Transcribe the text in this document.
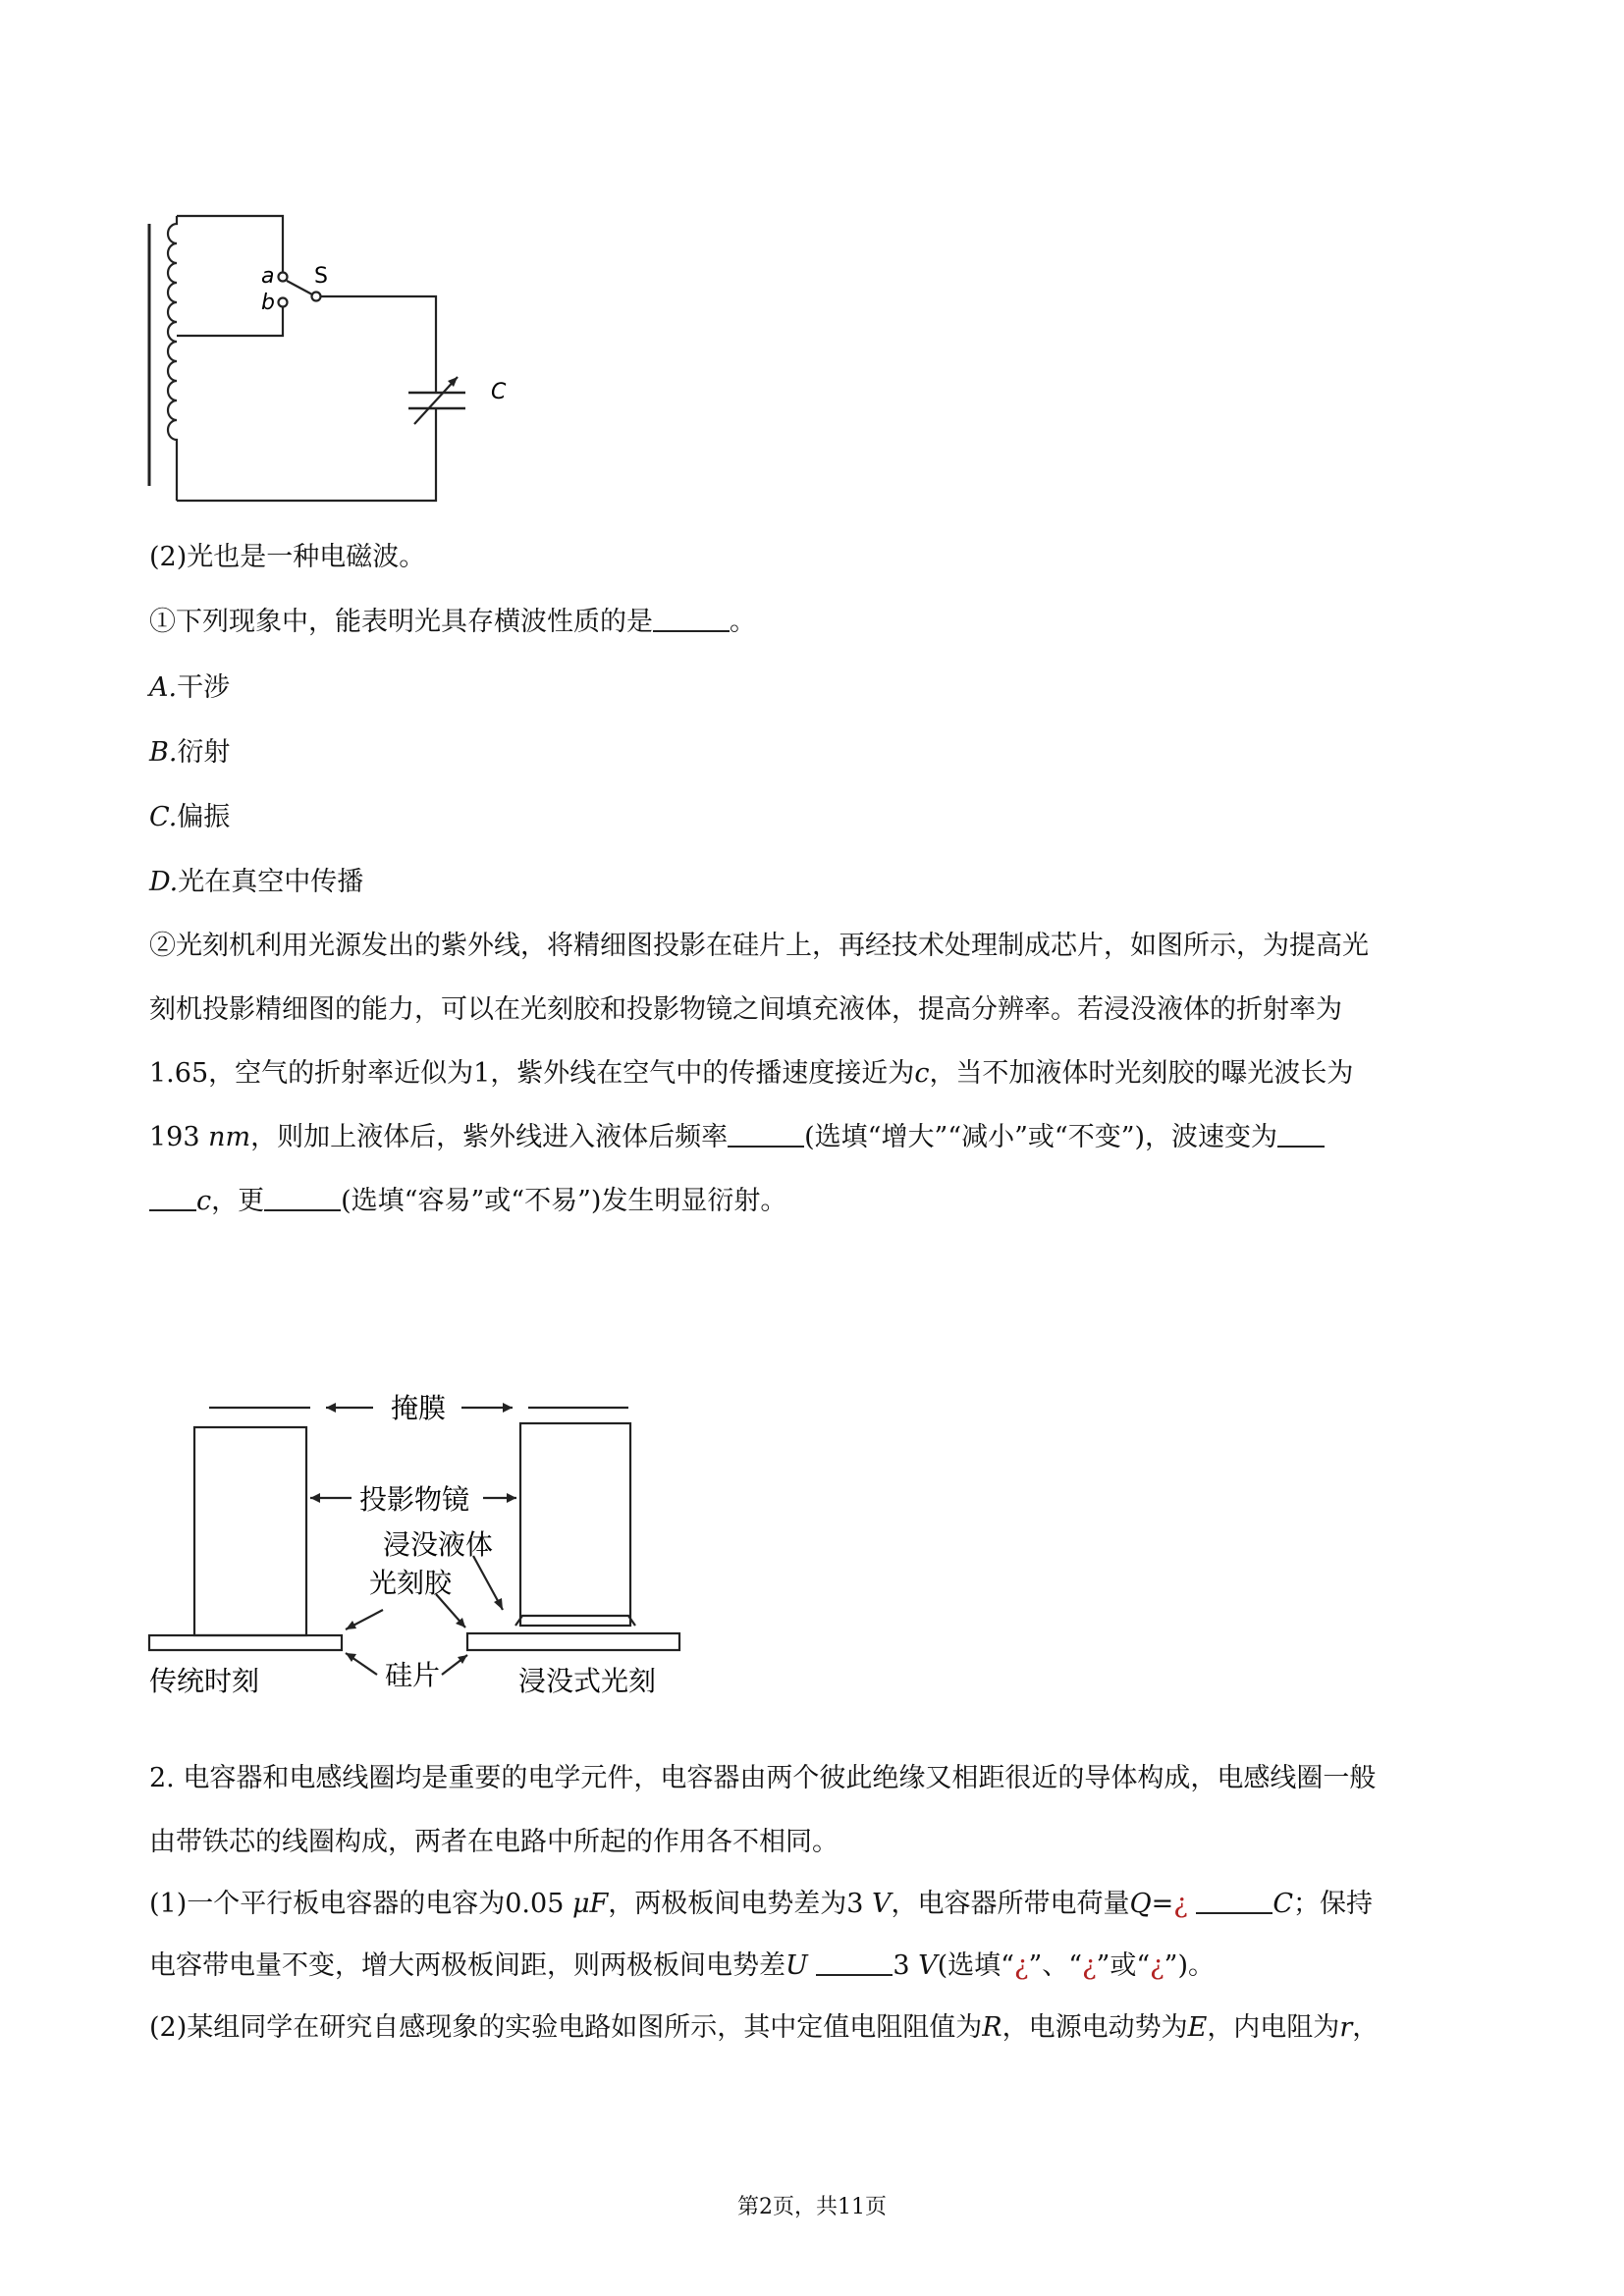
a
b
S
C
(2)光也是一种电磁波。
①下列现象中，能表明光具存横波性质的是	。
A.干涉
B.衍射
C.偏振
D.光在真空中传播
②光刻机利用光源发出的紫外线，将精细图投影在硅片上，再经技术处理制成芯片，如图所示，为提高光
刻机投影精细图的能力，可以在光刻胶和投影物镜之间填充液体，提高分辨率。若浸没液体的折射率为
1.65，空气的折射率近似为1，紫外线在空气中的传播速度接近为c，当不加液体时光刻胶的曝光波长为
193 nm，则加上液体后，紫外线进入液体后频率	(选填“增大”“减小”或“不变”)，波速变为
c，更	(选填“容易”或“不易”)发生明显衍射。
掩膜
投影物镜
浸没液体
光刻胶
传统时刻	硅片	浸没式光刻
2. 电容器和电感线圈均是重要的电学元件，电容器由两个彼此绝缘又相距很近的导体构成，电感线圈一般
由带铁芯的线圈构成，两者在电路中所起的作用各不相同。
(1)一个平行板电容器的电容为0.05 μF，两极板间电势差为3 V，电容器所带电荷量Q=¿	C；保持
电容带电量不变，增大两极板间距，则两极板间电势差U	3 V(选填“¿”、“¿”或“¿”)。
(2)某组同学在研究自感现象的实验电路如图所示，其中定值电阻阻值为R，电源电动势为E，内电阻为r，
第2页，共11页
